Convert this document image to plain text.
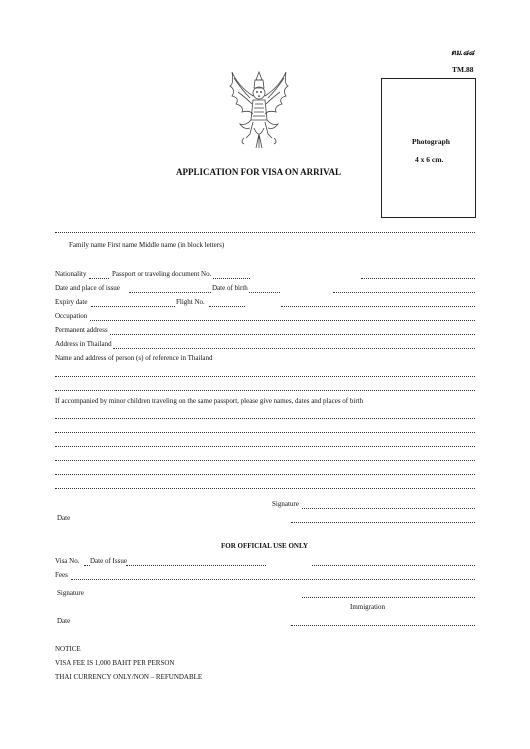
ตม.๘๘
TM.88
Photograph
4 x 6 cm.
APPLICATION FOR VISA ON ARRIVAL
Family name First name Middle name (in block letters)
Nationality	Passport or traveling document No.
Date and place of issue	Date of birth
Expiry date	Flight No.
Occupation
Permanent address
Address in Thailand
Name and address of person (s) of reference in Thailand
If accompanied by minor children traveling on the same passport, please give names, dates and places of birth
Signature
Date
FOR OFFICIAL USE ONLY
Visa No. Date of Issue
Fees
Signature
Immigration
Date
NOTICE
VISA FEE IS 1,000 BAHT PER PERSON
THAI CURRENCY ONLY/NON – REFUNDABLE
